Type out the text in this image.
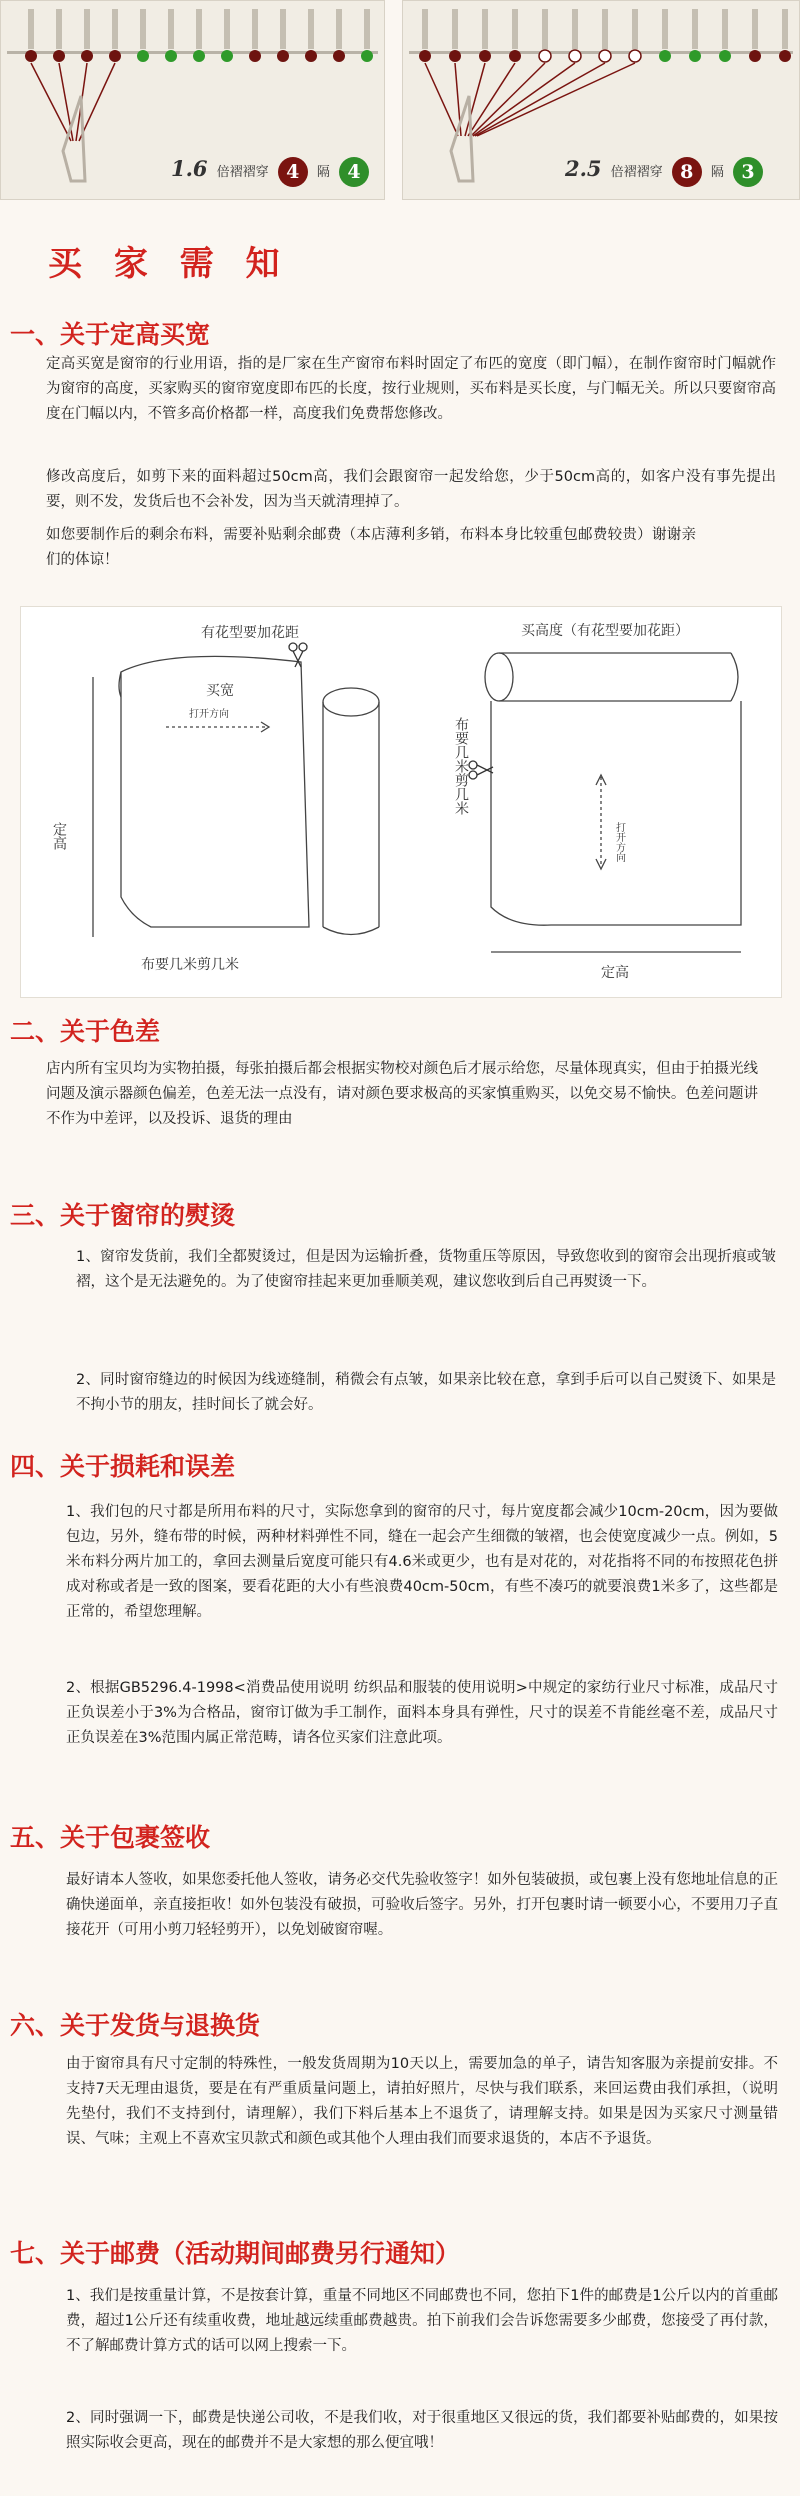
1.6 倍褶褶穿 4 隔 4	2.5 倍褶褶穿 8 隔 3
买 家 需 知
一、关于定高买宽
定高买宽是窗帘的行业用语，指的是厂家在生产窗帘布料时固定了布匹的宽度（即门幅），在制作窗帘时门幅就作为窗帘的高度，买家购买的窗帘宽度即布匹的长度，按行业规则，买布料是买长度，与门幅无关。所以只要窗帘高度在门幅以内，不管多高价格都一样，高度我们免费帮您修改。
修改高度后，如剪下来的面料超过50cm高，我们会跟窗帘一起发给您，少于50cm高的，如客户没有事先提出要，则不发，发货后也不会补发，因为当天就清理掉了。
如您要制作后的剩余布料，需要补贴剩余邮费（本店薄利多销，布料本身比较重包邮费较贵）谢谢亲们的体谅！
有花型要加花距
买宽
打开方向
定高
布要几米剪几米
买高度（有花型要加花距）
打开方向
定高
布要几米剪几米
二、关于色差
店内所有宝贝均为实物拍摄，每张拍摄后都会根据实物校对颜色后才展示给您，尽量体现真实，但由于拍摄光线问题及演示器颜色偏差，色差无法一点没有，请对颜色要求极高的买家慎重购买，以免交易不愉快。色差问题讲不作为中差评，以及投诉、退货的理由
三、关于窗帘的熨烫
1、窗帘发货前，我们全都熨烫过，但是因为运输折叠，货物重压等原因，导致您收到的窗帘会出现折痕或皱褶，这个是无法避免的。为了使窗帘挂起来更加垂顺美观，建议您收到后自己再熨烫一下。
2、同时窗帘缝边的时候因为线迹缝制，稍微会有点皱，如果亲比较在意，拿到手后可以自己熨烫下、如果是不拘小节的朋友，挂时间长了就会好。
四、关于损耗和误差
1、我们包的尺寸都是所用布料的尺寸，实际您拿到的窗帘的尺寸，每片宽度都会减少10cm-20cm，因为要做包边，另外，缝布带的时候，两种材料弹性不同，缝在一起会产生细微的皱褶，也会使宽度减少一点。例如，5米布料分两片加工的，拿回去测量后宽度可能只有4.6米或更少，也有是对花的，对花指将不同的布按照花色拼成对称或者是一致的图案，要看花距的大小有些浪费40cm-50cm，有些不凑巧的就要浪费1米多了，这些都是正常的，希望您理解。
2、根据GB5296.4-1998<消费品使用说明 纺织品和服装的使用说明>中规定的家纺行业尺寸标准，成品尺寸正负误差小于3%为合格品，窗帘订做为手工制作，面料本身具有弹性，尺寸的误差不肯能丝毫不差，成品尺寸正负误差在3%范围内属正常范畴，请各位买家们注意此项。
五、关于包裹签收
最好请本人签收，如果您委托他人签收，请务必交代先验收签字！如外包装破损，或包裹上没有您地址信息的正确快递面单，亲直接拒收！如外包装没有破损，可验收后签字。另外，打开包裹时请一顿要小心，不要用刀子直接花开（可用小剪刀轻轻剪开），以免划破窗帘喔。
六、关于发货与退换货
由于窗帘具有尺寸定制的特殊性，一般发货周期为10天以上，需要加急的单子，请告知客服为亲提前安排。不支持7天无理由退货，要是在有严重质量问题上，请拍好照片，尽快与我们联系，来回运费由我们承担，（说明先垫付，我们不支持到付，请理解），我们下料后基本上不退货了，请理解支持。如果是因为买家尺寸测量错误、气味；主观上不喜欢宝贝款式和颜色或其他个人理由我们而要求退货的，本店不予退货。
七、关于邮费（活动期间邮费另行通知）
1、我们是按重量计算，不是按套计算，重量不同地区不同邮费也不同，您拍下1件的邮费是1公斤以内的首重邮费，超过1公斤还有续重收费，地址越远续重邮费越贵。拍下前我们会告诉您需要多少邮费，您接受了再付款，不了解邮费计算方式的话可以网上搜索一下。
2、同时强调一下，邮费是快递公司收，不是我们收，对于很重地区又很远的货，我们都要补贴邮费的，如果按照实际收会更高，现在的邮费并不是大家想的那么便宜哦！
